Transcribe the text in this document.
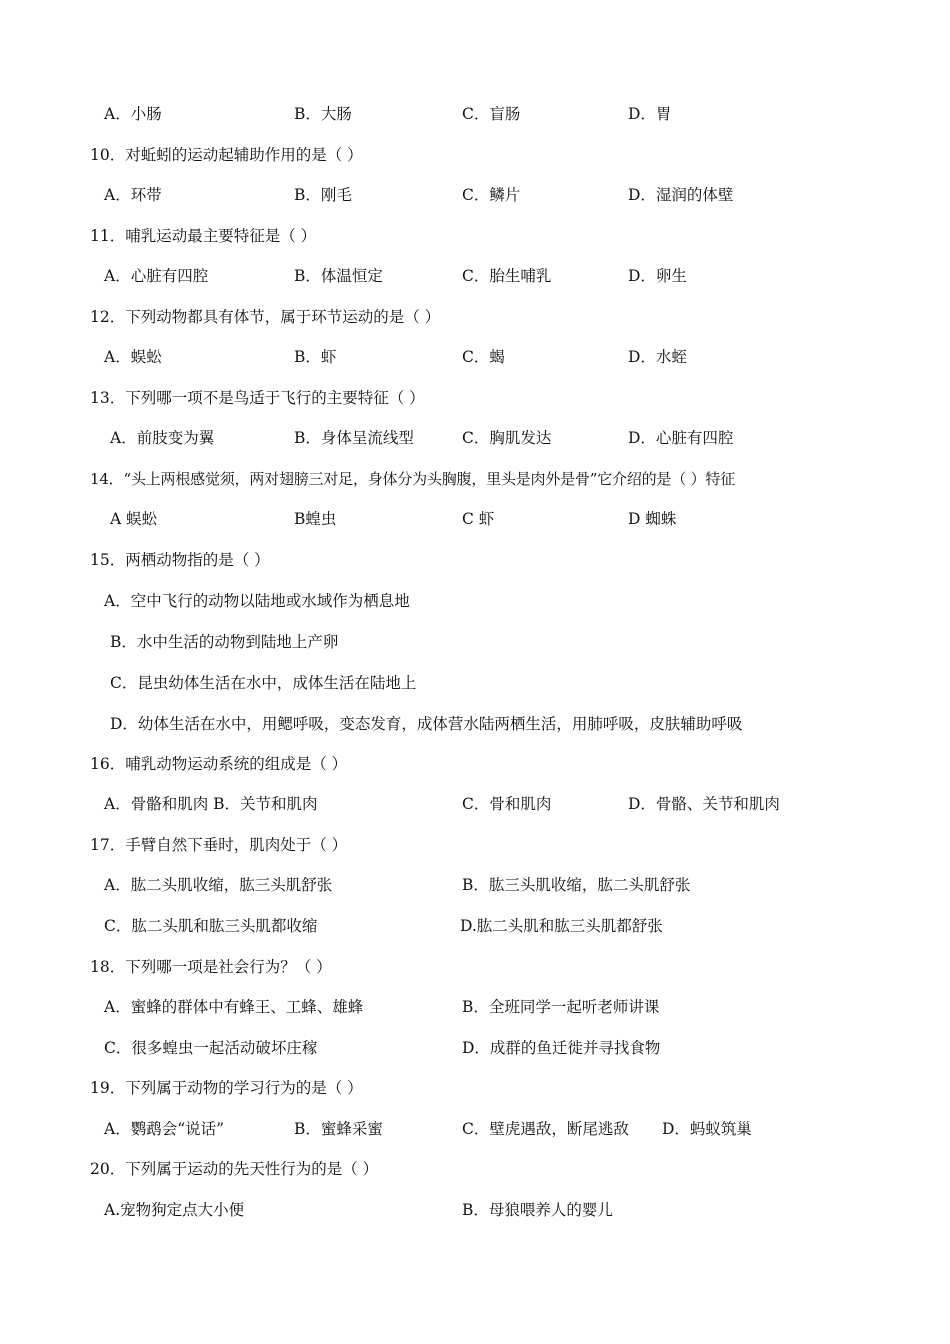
A．小肠	B．大肠	C．盲肠	D．胃
10．对蚯蚓的运动起辅助作用的是（ ）
A．环带	B．刚毛	C．鳞片	D．湿润的体壁
11．哺乳运动最主要特征是（ ）
A．心脏有四腔	B．体温恒定	C．胎生哺乳	D．卵生
12．下列动物都具有体节，属于环节运动的是（ ）
A．蜈蚣	B．虾	C．蝎	D．水蛭
13．下列哪一项不是鸟适于飞行的主要特征（ ）
A．前肢变为翼	B．身体呈流线型	C．胸肌发达	D．心脏有四腔
14．“头上两根感觉须，两对翅膀三对足，身体分为头胸腹，里头是肉外是骨”它介绍的是（ ）特征
A 蜈蚣	B蝗虫	C 虾	D 蜘蛛
15．两栖动物指的是（ ）
A．空中飞行的动物以陆地或水域作为栖息地
B．水中生活的动物到陆地上产卵
C．昆虫幼体生活在水中，成体生活在陆地上
D．幼体生活在水中，用鳃呼吸，变态发育，成体营水陆两栖生活，用肺呼吸，皮肤辅助呼吸
16．哺乳动物运动系统的组成是（ ）
A．骨骼和肌肉 B．关节和肌肉	C．骨和肌肉	D．骨骼、关节和肌肉
17．手臂自然下垂时，肌肉处于（ ）
A．肱二头肌收缩，肱三头肌舒张	B．肱三头肌收缩，肱二头肌舒张
C．肱二头肌和肱三头肌都收缩	D.肱二头肌和肱三头肌都舒张
18．下列哪一项是社会行为？（ ）
A．蜜蜂的群体中有蜂王、工蜂、雄蜂	B．全班同学一起听老师讲课
C．很多蝗虫一起活动破坏庄稼	D．成群的鱼迁徙并寻找食物
19．下列属于动物的学习行为的是（ ）
A．鹦鹉会“说话”	B．蜜蜂采蜜	C．壁虎遇敌，断尾逃敌 D．蚂蚁筑巢
20．下列属于运动的先天性行为的是（ ）
A.宠物狗定点大小便	B．母狼喂养人的婴儿
